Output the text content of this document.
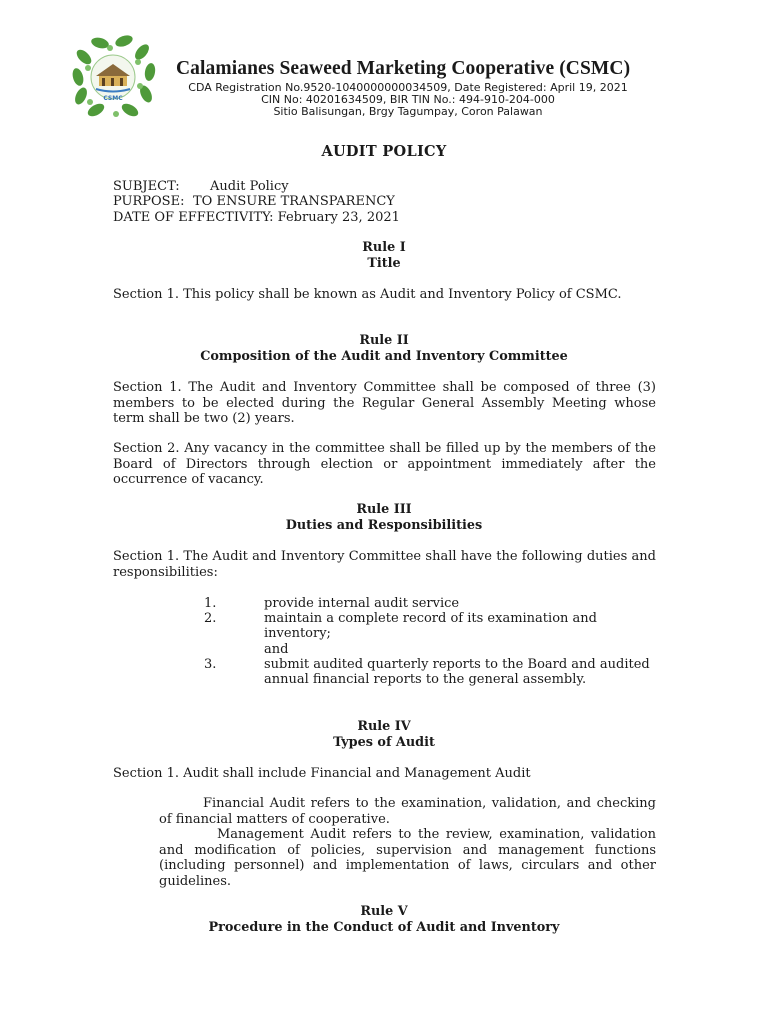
CSMC
Calamianes Seaweed Marketing Cooperative (CSMC)
CDA Registration No.9520-1040000000034509, Date Registered: April 19, 2021
CIN No: 40201634509, BIR TIN No.: 494-910-204-000
Sitio Balisungan, Brgy Tagumpay, Coron Palawan
AUDIT POLICY
SUBJECT: Audit Policy
PURPOSE: TO ENSURE TRANSPARENCY
DATE OF EFFECTIVITY: February 23, 2021
Rule I
Title
Section 1. This policy shall be known as Audit and Inventory Policy of CSMC.
Rule II
Composition of the Audit and Inventory Committee
Section 1. The Audit and Inventory Committee shall be composed of three (3) members to be elected during the Regular General Assembly Meeting whose term shall be two (2) years.
Section 2. Any vacancy in the committee shall be filled up by the members of the Board of Directors through election or appointment immediately after the occurrence of vacancy.
Rule III
Duties and Responsibilities
Section 1. The Audit and Inventory Committee shall have the following duties and responsibilities:
1.	provide internal audit service
2.	maintain a complete record of its examination and inventory;
and
3.	submit audited quarterly reports to the Board and audited annual financial reports to the general assembly.
Rule IV
Types of Audit
Section 1. Audit shall include Financial and Management Audit
Financial Audit refers to the examination, validation, and checking of financial matters of cooperative.
Management Audit refers to the review, examination, validation and modification of policies, supervision and management functions (including personnel) and implementation of laws, circulars and other guidelines.
Rule V
Procedure in the Conduct of Audit and Inventory
